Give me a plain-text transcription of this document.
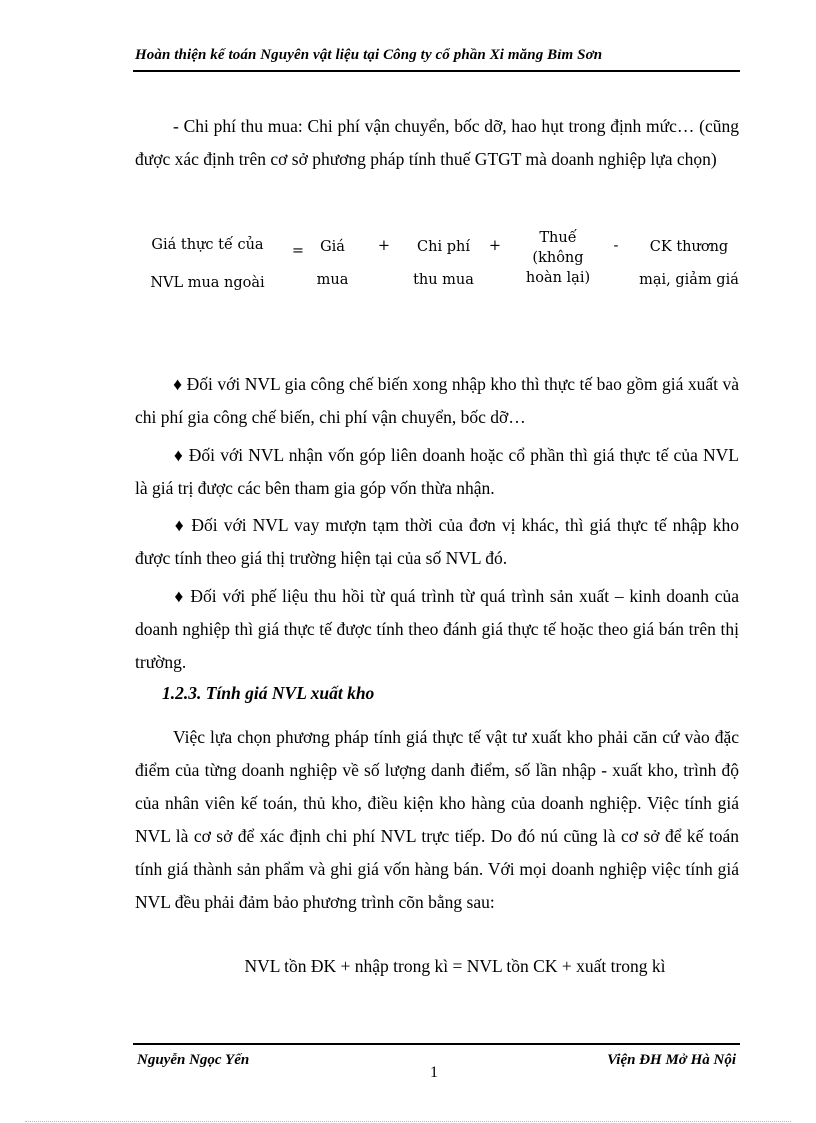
Hoàn thiện kế toán Nguyên vật liệu tại Công ty cổ phần Xi măng Bỉm Sơn
- Chi phí thu mua: Chi phí vận chuyển, bốc dỡ, hao hụt trong định mức… (cũng được xác định trên cơ sở phương pháp tính thuế GTGT mà doanh nghiệp lựa chọn)
Giá thực tế của
NVL mua ngoài
=	Giá
mua
+	Chi phí
thu mua
+	Thuế
(không
hoàn lại)
-	CK thương
mại, giảm giá
♦ Đối với NVL gia công chế biến xong nhập kho thì thực tế bao gồm giá xuất và chi phí gia công chế biến, chi phí vận chuyển, bốc dỡ…
♦ Đối với NVL nhận vốn góp liên doanh hoặc cổ phần thì giá thực tế của NVL là giá trị được các bên tham gia góp vốn thừa nhận.
♦ Đối với NVL vay mượn tạm thời của đơn vị khác, thì giá thực tế nhập kho được tính theo giá thị trường hiện tại của số NVL đó.
♦ Đối với phế liệu thu hồi từ quá trình từ quá trình sản xuất – kinh doanh của doanh nghiệp thì giá thực tế được tính theo đánh giá thực tế hoặc theo giá bán trên thị trường.
1.2.3. Tính giá NVL xuất kho
Việc lựa chọn phương pháp tính giá thực tế vật tư xuất kho phải căn cứ vào đặc điểm của từng doanh nghiệp về số lượng danh điểm, số lần nhập - xuất kho, trình độ của nhân viên kế toán, thủ kho, điều kiện kho hàng của doanh nghiệp. Việc tính giá NVL là cơ sở để xác định chi phí NVL trực tiếp. Do đó nú cũng là cơ sở để kế toán tính giá thành sản phẩm và ghi giá vốn hàng bán. Với mọi doanh nghiệp việc tính giá NVL đều phải đảm bảo phương trình cõn bằng sau:
NVL tồn ĐK + nhập trong kì = NVL tồn CK + xuất trong kì
Nguyễn Ngọc Yến
1
Viện ĐH Mở Hà Nội
